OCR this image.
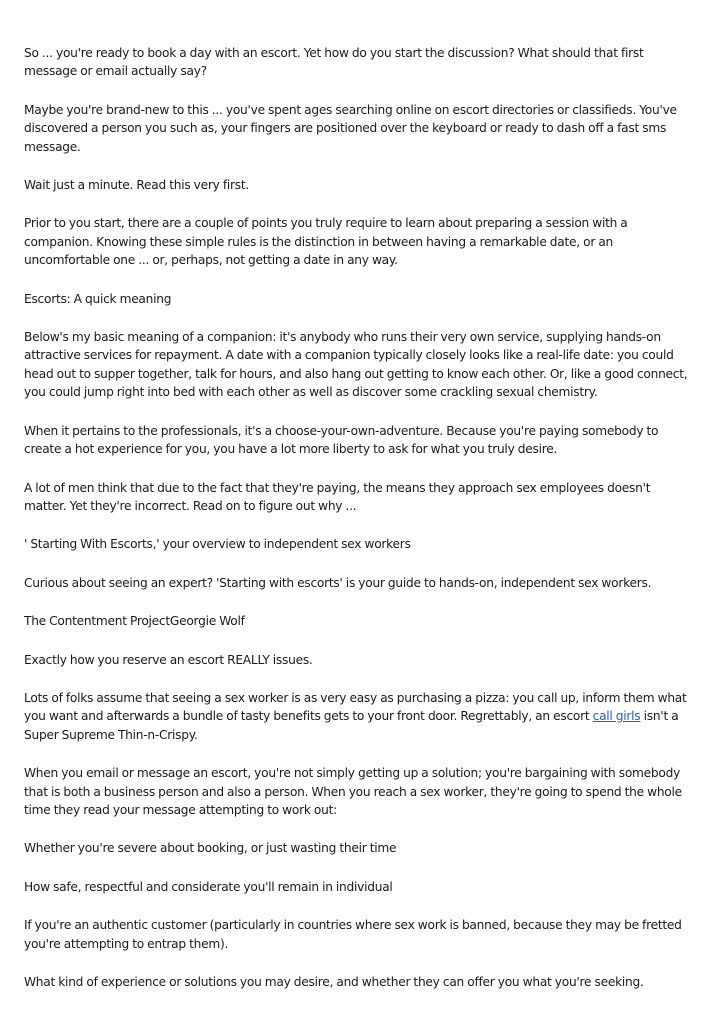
So ... you're ready to book a day with an escort. Yet how do you start the discussion? What should that first message or email actually say?

Maybe you're brand-new to this ... you've spent ages searching online on escort directories or classifieds. You've discovered a person you such as, your fingers are positioned over the keyboard or ready to dash off a fast sms message.

Wait just a minute. Read this very first.

Prior to you start, there are a couple of points you truly require to learn about preparing a session with a companion. Knowing these simple rules is the distinction in between having a remarkable date, or an uncomfortable one ... or, perhaps, not getting a date in any way.

Escorts: A quick meaning

Below's my basic meaning of a companion: it's anybody who runs their very own service, supplying hands-on attractive services for repayment. A date with a companion typically closely looks like a real-life date: you could head out to supper together, talk for hours, and also hang out getting to know each other. Or, like a good connect, you could jump right into bed with each other as well as discover some crackling sexual chemistry.

When it pertains to the professionals, it's a choose-your-own-adventure. Because you're paying somebody to create a hot experience for you, you have a lot more liberty to ask for what you truly desire.

A lot of men think that due to the fact that they're paying, the means they approach sex employees doesn't matter. Yet they're incorrect. Read on to figure out why ...

' Starting With Escorts,' your overview to independent sex workers

Curious about seeing an expert? 'Starting with escorts' is your guide to hands-on, independent sex workers.

The Contentment ProjectGeorgie Wolf

Exactly how you reserve an escort REALLY issues.

Lots of folks assume that seeing a sex worker is as very easy as purchasing a pizza: you call up, inform them what you want and afterwards a bundle of tasty benefits gets to your front door. Regrettably, an escort call girls isn't a Super Supreme Thin-n-Crispy.

When you email or message an escort, you're not simply getting up a solution; you're bargaining with somebody that is both a business person and also a person. When you reach a sex worker, they're going to spend the whole time they read your message attempting to work out:

Whether you're severe about booking, or just wasting their time

How safe, respectful and considerate you'll remain in individual

If you're an authentic customer (particularly in countries where sex work is banned, because they may be fretted you're attempting to entrap them).

What kind of experience or solutions you may desire, and whether they can offer you what you're seeking.
